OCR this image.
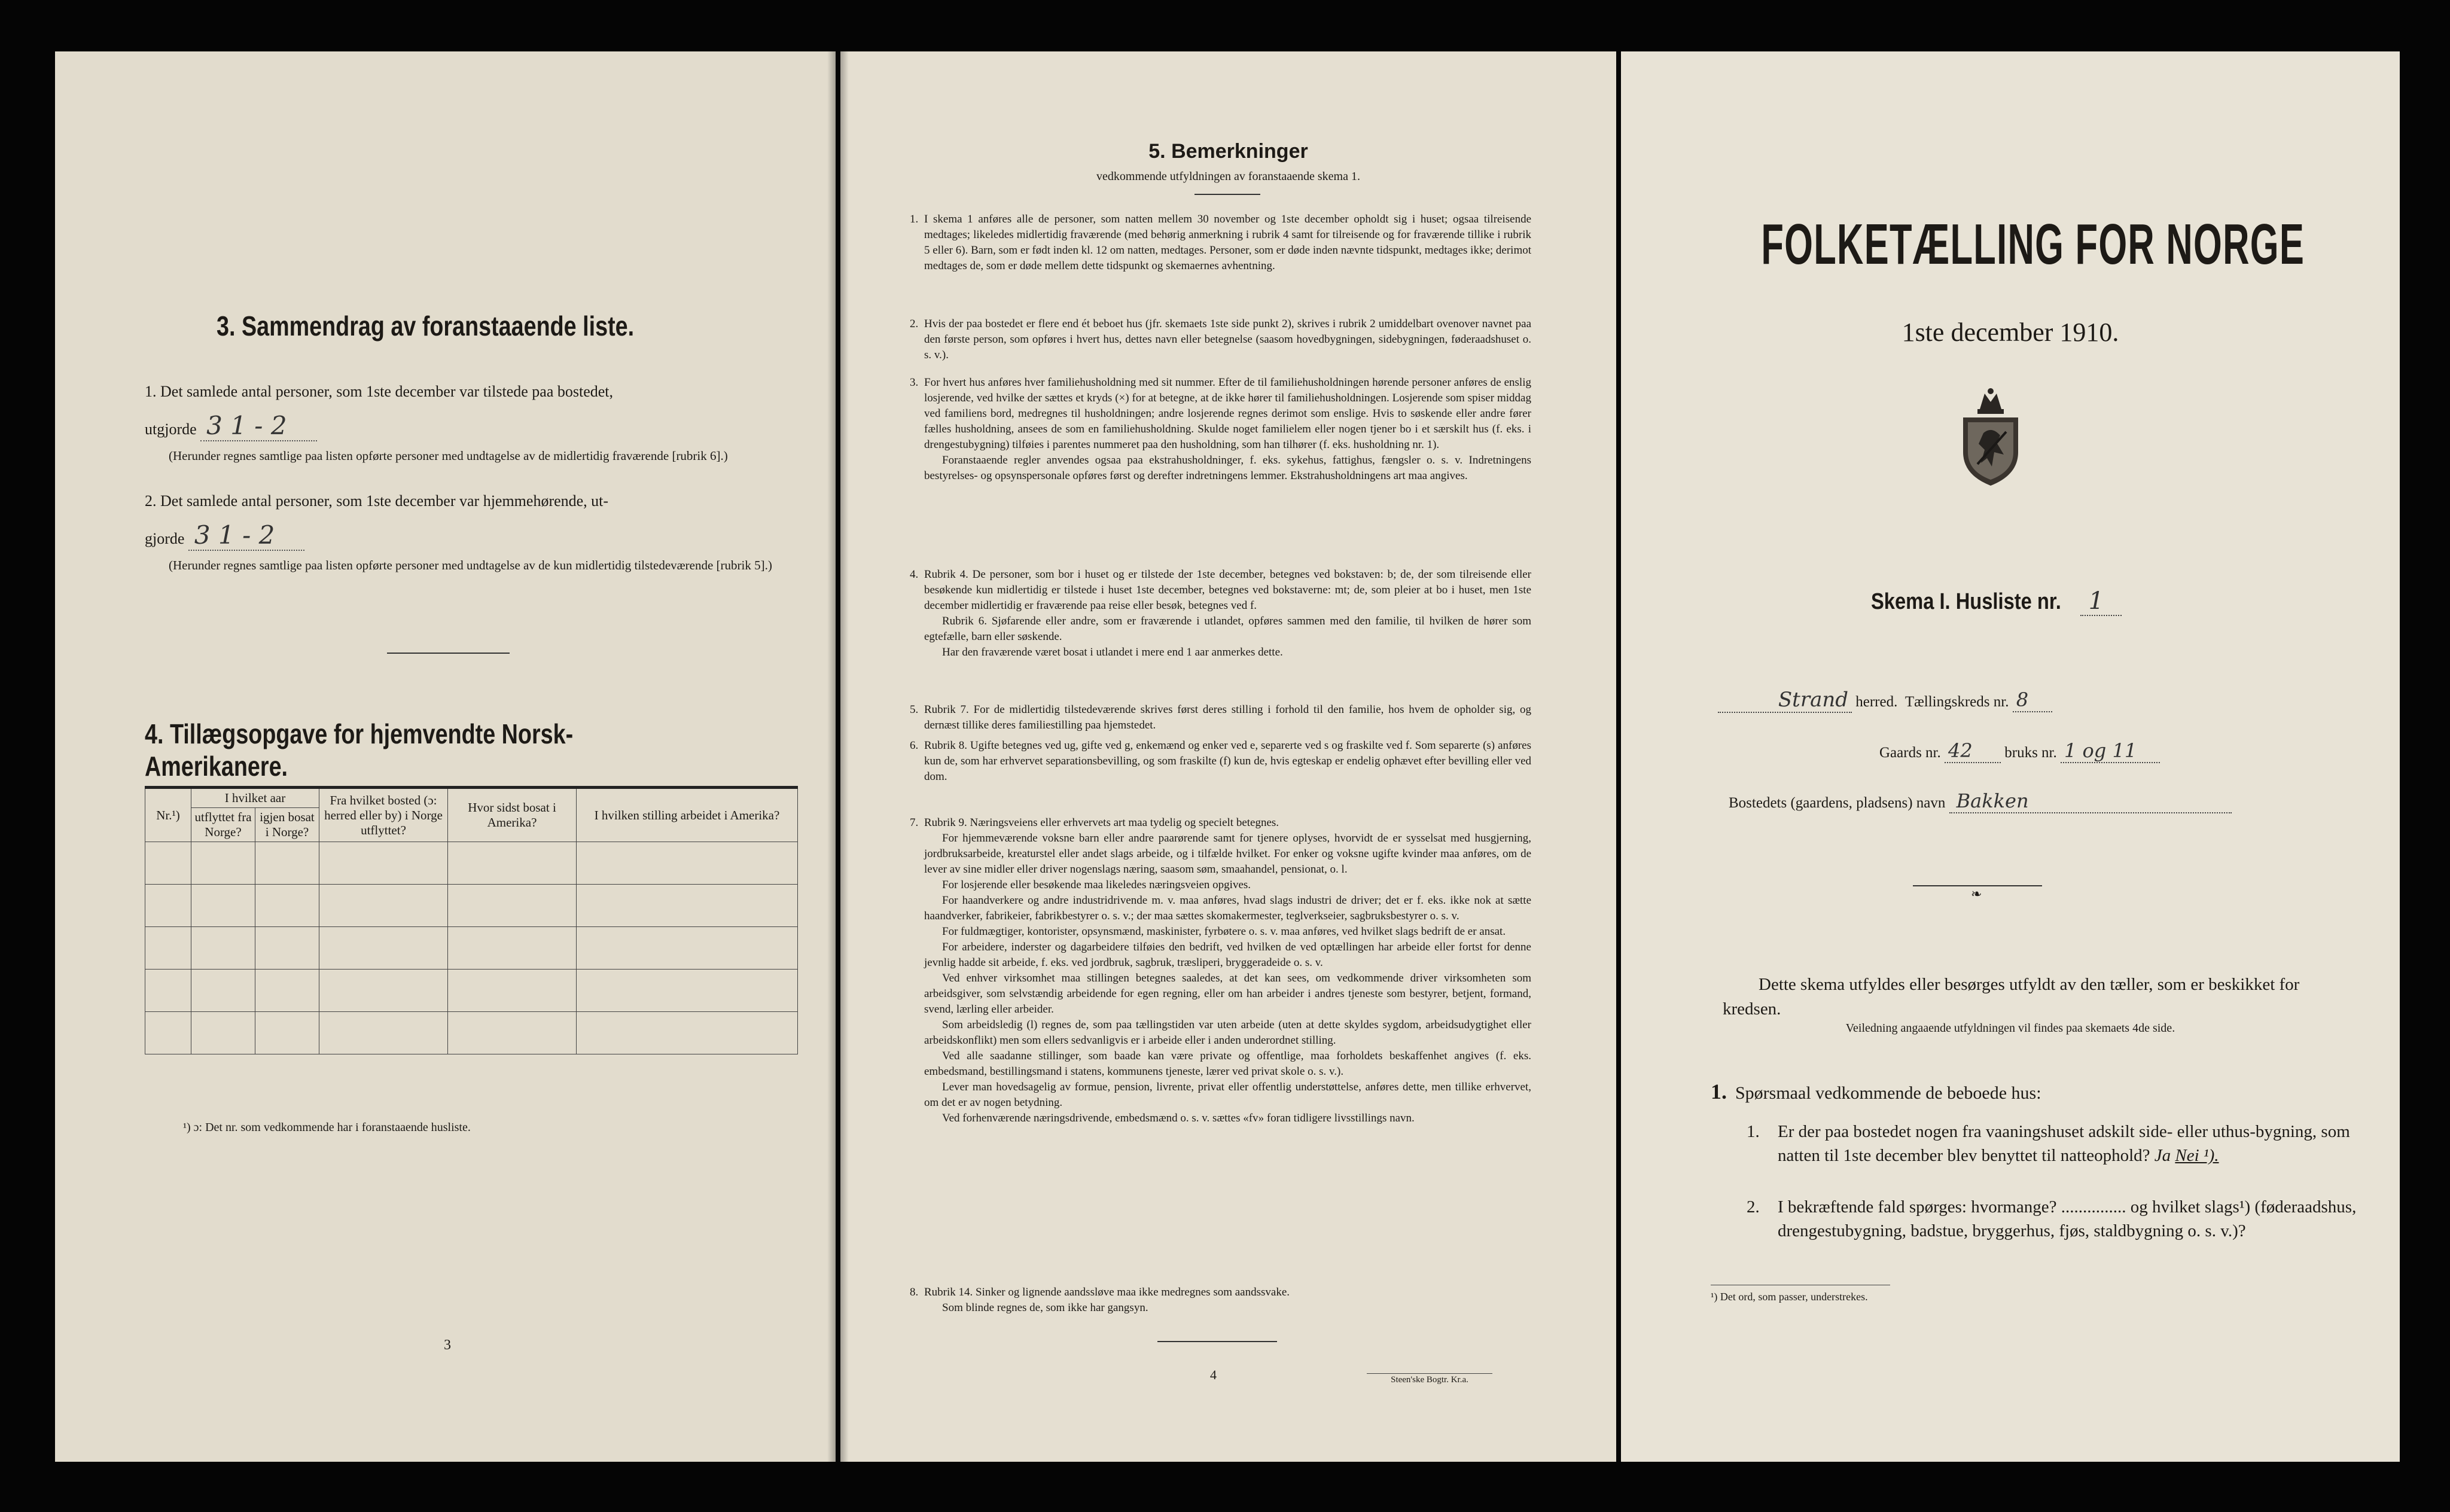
3. Sammendrag av foranstaaende liste.
1. Det samlede antal personer, som 1ste december var tilstede paa bostedet,
utgjorde 3 1 - 2
(Herunder regnes samtlige paa listen opførte personer med undtagelse av de midlertidig fraværende [rubrik 6].)
2. Det samlede antal personer, som 1ste december var hjemmehørende, ut-
gjorde 3 1 - 2
(Herunder regnes samtlige paa listen opførte personer med undtagelse av de kun midlertidig tilstedeværende [rubrik 5].)
4. Tillægsopgave for hjemvendte Norsk-Amerikanere.
Nr.¹)	I hvilket aar		Fra hvilket bosted (ɔ: herred eller by) i Norge utflyttet?	Hvor sidst bosat i Amerika?	I hvilken stilling arbeidet i Amerika?
	utflyttet fra Norge?	igjen bosat i Norge?			

¹) ɔ: Det nr. som vedkommende har i foranstaaende husliste.
3
5. Bemerkninger
vedkommende utfyldningen av foranstaaende skema 1.
1. I skema 1 anføres alle de personer, som natten mellem 30 november og 1ste december opholdt sig i huset; ogsaa tilreisende medtages; likeledes midlertidig fraværende (med behørig anmerkning i rubrik 4 samt for tilreisende og for fraværende tillike i rubrik 5 eller 6). Barn, som er født inden kl. 12 om natten, medtages. Personer, som er døde inden nævnte tidspunkt, medtages ikke; derimot medtages de, som er døde mellem dette tidspunkt og skemaernes avhentning.

2. Hvis der paa bostedet er flere end ét beboet hus (jfr. skemaets 1ste side punkt 2), skrives i rubrik 2 umiddelbart ovenover navnet paa den første person, som opføres i hvert hus, dettes navn eller betegnelse (saasom hovedbygningen, sidebygningen, føderaadshuset o. s. v.).

3. For hvert hus anføres hver familiehusholdning med sit nummer. Efter de til familiehusholdningen hørende personer anføres de enslig losjerende, ved hvilke der sættes et kryds (×) for at betegne, at de ikke hører til familiehusholdningen. Losjerende som spiser middag ved familiens bord, medregnes til husholdningen; andre losjerende regnes derimot som enslige. Hvis to søskende eller andre fører fælles husholdning, ansees de som en familiehusholdning. Skulde noget familielem eller nogen tjener bo i et særskilt hus (f. eks. i drengestubygning) tilføies i parentes nummeret paa den husholdning, som han tilhører (f. eks. husholdning nr. 1).

Foranstaaende regler anvendes ogsaa paa ekstrahusholdninger, f. eks. sykehus, fattighus, fængsler o. s. v. Indretningens bestyrelses- og opsynspersonale opføres først og derefter indretningens lemmer. Ekstrahusholdningens art maa angives.

4. Rubrik 4. De personer, som bor i huset og er tilstede der 1ste december, betegnes ved bokstaven: b; de, der som tilreisende eller besøkende kun midlertidig er tilstede i huset 1ste december, betegnes ved bokstaverne: mt; de, som pleier at bo i huset, men 1ste december midlertidig er fraværende paa reise eller besøk, betegnes ved f.

Rubrik 6. Sjøfarende eller andre, som er fraværende i utlandet, opføres sammen med den familie, til hvilken de hører som egtefælle, barn eller søskende.

Har den fraværende været bosat i utlandet i mere end 1 aar anmerkes dette.

5. Rubrik 7. For de midlertidig tilstedeværende skrives først deres stilling i forhold til den familie, hos hvem de opholder sig, og dernæst tillike deres familiestilling paa hjemstedet.

6. Rubrik 8. Ugifte betegnes ved ug, gifte ved g, enkemænd og enker ved e, separerte ved s og fraskilte ved f. Som separerte (s) anføres kun de, som har erhvervet separationsbevilling, og som fraskilte (f) kun de, hvis egteskap er endelig ophævet efter bevilling eller ved dom.

7. Rubrik 9. Næringsveiens eller erhvervets art maa tydelig og specielt betegnes.

For hjemmeværende voksne barn eller andre paarørende samt for tjenere oplyses, hvorvidt de er sysselsat med husgjerning, jordbruksarbeide, kreaturstel eller andet slags arbeide, og i tilfælde hvilket. For enker og voksne ugifte kvinder maa anføres, om de lever av sine midler eller driver nogenslags næring, saasom søm, smaahandel, pensionat, o. l.

For losjerende eller besøkende maa likeledes næringsveien opgives.

For haandverkere og andre industridrivende m. v. maa anføres, hvad slags industri de driver; det er f. eks. ikke nok at sætte haandverker, fabrikeier, fabrikbestyrer o. s. v.; der maa sættes skomakermester, teglverkseier, sagbruksbestyrer o. s. v.

For fuldmægtiger, kontorister, opsynsmænd, maskinister, fyrbøtere o. s. v. maa anføres, ved hvilket slags bedrift de er ansat.

For arbeidere, inderster og dagarbeidere tilføies den bedrift, ved hvilken de ved optællingen har arbeide eller fortst for denne jevnlig hadde sit arbeide, f. eks. ved jordbruk, sagbruk, træsliperi, bryggeradeide o. s. v.

Ved enhver virksomhet maa stillingen betegnes saaledes, at det kan sees, om vedkommende driver virksomheten som arbeidsgiver, som selvstændig arbeidende for egen regning, eller om han arbeider i andres tjeneste som bestyrer, betjent, formand, svend, lærling eller arbeider.

Som arbeidsledig (l) regnes de, som paa tællingstiden var uten arbeide (uten at dette skyldes sygdom, arbeidsudygtighet eller arbeidskonflikt) men som ellers sedvanligvis er i arbeide eller i anden underordnet stilling.

Ved alle saadanne stillinger, som baade kan være private og offentlige, maa forholdets beskaffenhet angives (f. eks. embedsmand, bestillingsmand i statens, kommunens tjeneste, lærer ved privat skole o. s. v.).

Lever man hovedsagelig av formue, pension, livrente, privat eller offentlig understøttelse, anføres dette, men tillike erhvervet, om det er av nogen betydning.

Ved forhenværende næringsdrivende, embedsmænd o. s. v. sættes «fv» foran tidligere livsstillings navn.

8. Rubrik 14. Sinker og lignende aandssløve maa ikke medregnes som aandssvake.

Som blinde regnes de, som ikke har gangsyn.

4	Steen'ske Bogtr. Kr.a.
FOLKETÆLLING FOR NORGE
1ste december 1910.
Skema I. Husliste nr. 1
Strand herred. Tællingskreds nr. 8
Gaards nr. 42 bruks nr. 1 og 11
Bostedets (gaardens, pladsens) navn Bakken
❧
Dette skema utfyldes eller besørges utfyldt av den tæller, som er beskikket for kredsen.
Veiledning angaaende utfyldningen vil findes paa skemaets 4de side.
1. Spørsmaal vedkommende de beboede hus:
1. Er der paa bostedet nogen fra vaaningshuset adskilt side- eller uthus-bygning, som natten til 1ste december blev benyttet til natteophold? Ja Nei ¹).
2. I bekræftende fald spørges: hvormange? ............... og hvilket slags¹) (føderaadshus, drengestubygning, badstue, bryggerhus, fjøs, staldbygning o. s. v.)?
¹) Det ord, som passer, understrekes.
